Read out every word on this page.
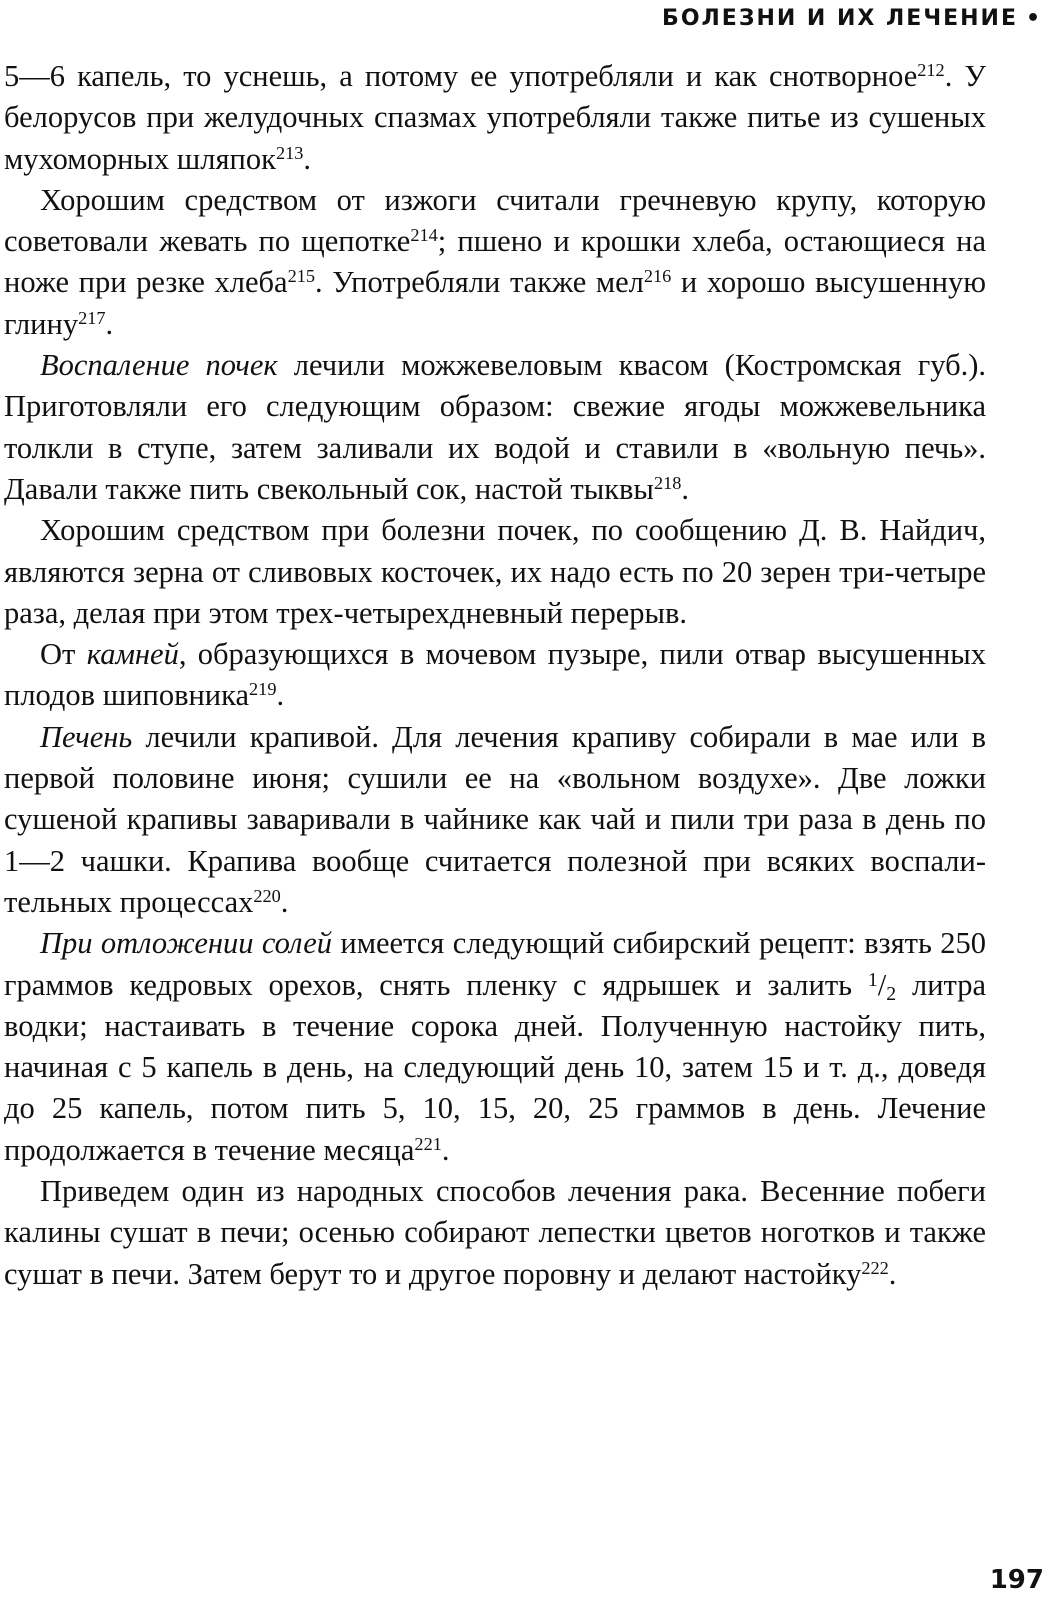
БОЛЕЗНИ И ИХ ЛЕЧЕНИЕ •

5—6 капель, то уснешь, а потому ее употребляли и как снотворное$^{212}$. У белорусов при желудочных спазмах употребляли также питье из сушеных мухоморных шляпок$^{213}$.

Хорошим средством от изжоги считали гречневую крупу, которую советовали жевать по щепотке$^{214}$; пшено и крошки хлеба, остающиеся на ноже при резке хлеба$^{215}$. Употребляли также мел$^{216}$ и хорошо высушенную глину$^{217}$.

Воспаление почек лечили можжевеловым квасом (Костромская губ.). Приготовляли его следующим образом: свежие ягоды можжевельника толкли в ступе, затем заливали их водой и ставили в «вольную печь». Давали также пить свекольный сок, настой тыквы$^{218}$.

Хорошим средством при болезни почек, по сообщению Д. В. Найдич, являются зерна от сливовых косточек, их надо есть по 20 зерен три-четыре раза, делая при этом трех-четырехдневный перерыв.

От камней, образующихся в мочевом пузыре, пили отвар высушенных плодов шиповника$^{219}$.

Печень лечили крапивой. Для лечения крапиву собирали в мае или в первой половине июня; сушили ее на «вольном воздухе». Две ложки сушеной крапивы заваривали в чайнике как чай и пили три раза в день по 1—2 чашки. Крапива вообще считается полезной при всяких воспалительных процессах$^{220}$.

При отложении солей имеется следующий сибирский рецепт: взять 250 граммов кедровых орехов, снять пленку с ядрышек и залить $^1$/2 литра водки; настаивать в течение сорока дней. Полученную настойку пить, начиная с 5 капель в день, на следующий день 10, затем 15 и т. д., доведя до 25 капель, потом пить 5, 10, 15, 20, 25 граммов в день. Лечение продолжается в течение месяца$^{221}$.

Приведем один из народных способов лечения рака. Весенние побеги калины сушат в печи; осенью собирают лепестки цветов ноготков и также сушат в печи. Затем берут то и другое поровну и делают настойку$^{222}$.

197
